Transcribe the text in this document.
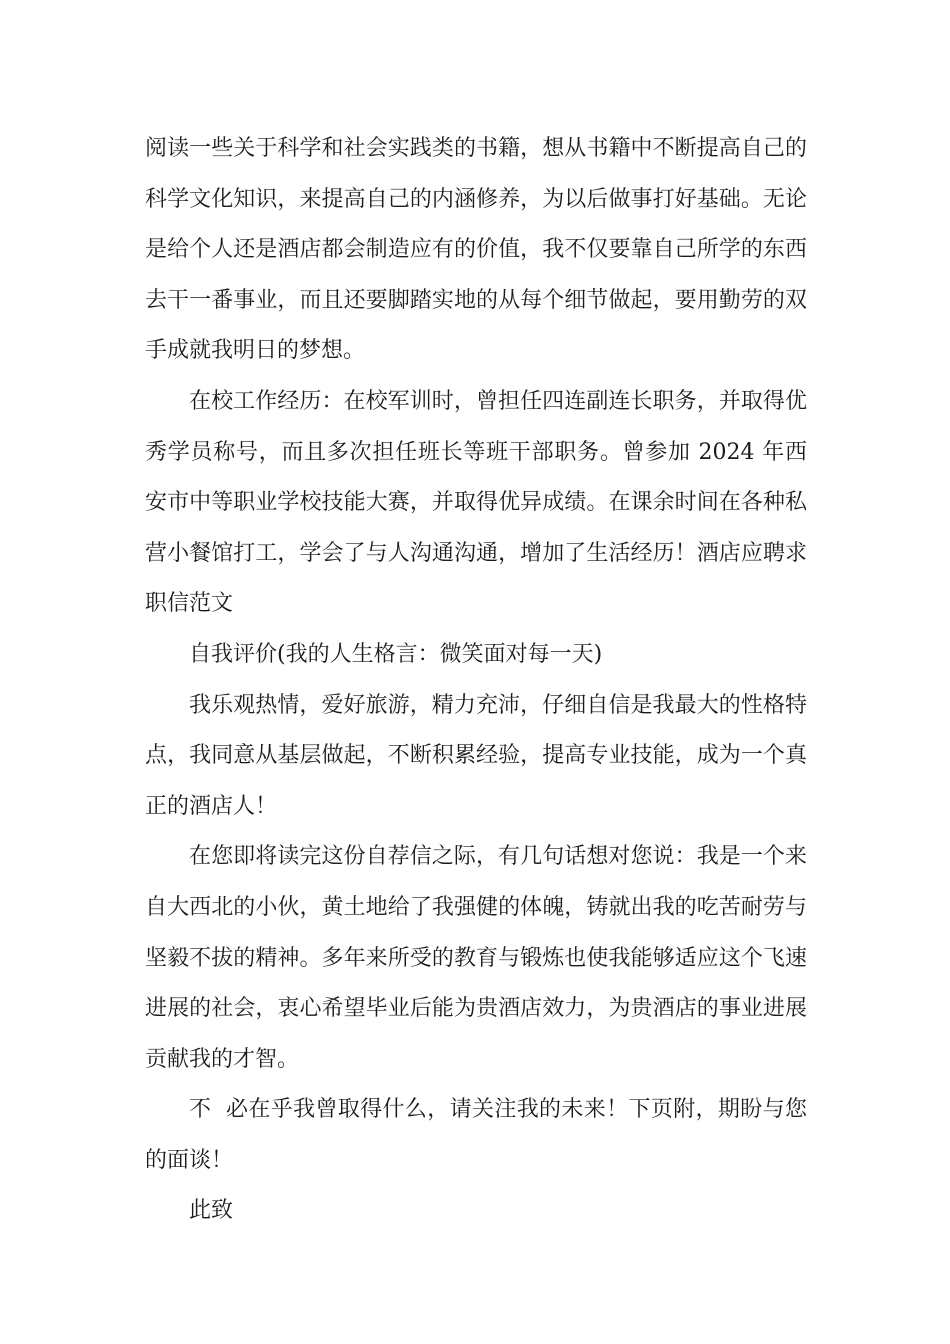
阅读一些关于科学和社会实践类的书籍，想从书籍中不断提高自己的科学文化知识，来提高自己的内涵修养，为以后做事打好基础。无论是给个人还是酒店都会制造应有的价值，我不仅要靠自己所学的东西去干一番事业，而且还要脚踏实地的从每个细节做起，要用勤劳的双手成就我明日的梦想。

在校工作经历：在校军训时，曾担任四连副连长职务，并取得优秀学员称号，而且多次担任班长等班干部职务。曾参加 2024 年西安市中等职业学校技能大赛，并取得优异成绩。在课余时间在各种私营小餐馆打工，学会了与人沟通沟通，增加了生活经历！酒店应聘求职信范文

自我评价(我的人生格言：微笑面对每一天)

我乐观热情，爱好旅游，精力充沛，仔细自信是我最大的性格特点，我同意从基层做起，不断积累经验，提高专业技能，成为一个真正的酒店人！

在您即将读完这份自荐信之际，有几句话想对您说：我是一个来自大西北的小伙，黄土地给了我强健的体魄，铸就出我的吃苦耐劳与坚毅不拔的精神。多年来所受的教育与锻炼也使我能够适应这个飞速进展的社会，衷心希望毕业后能为贵酒店效力，为贵酒店的事业进展贡献我的才智。

不  必在乎我曾取得什么，请关注我的未来！下页附，期盼与您的面谈！

此致
